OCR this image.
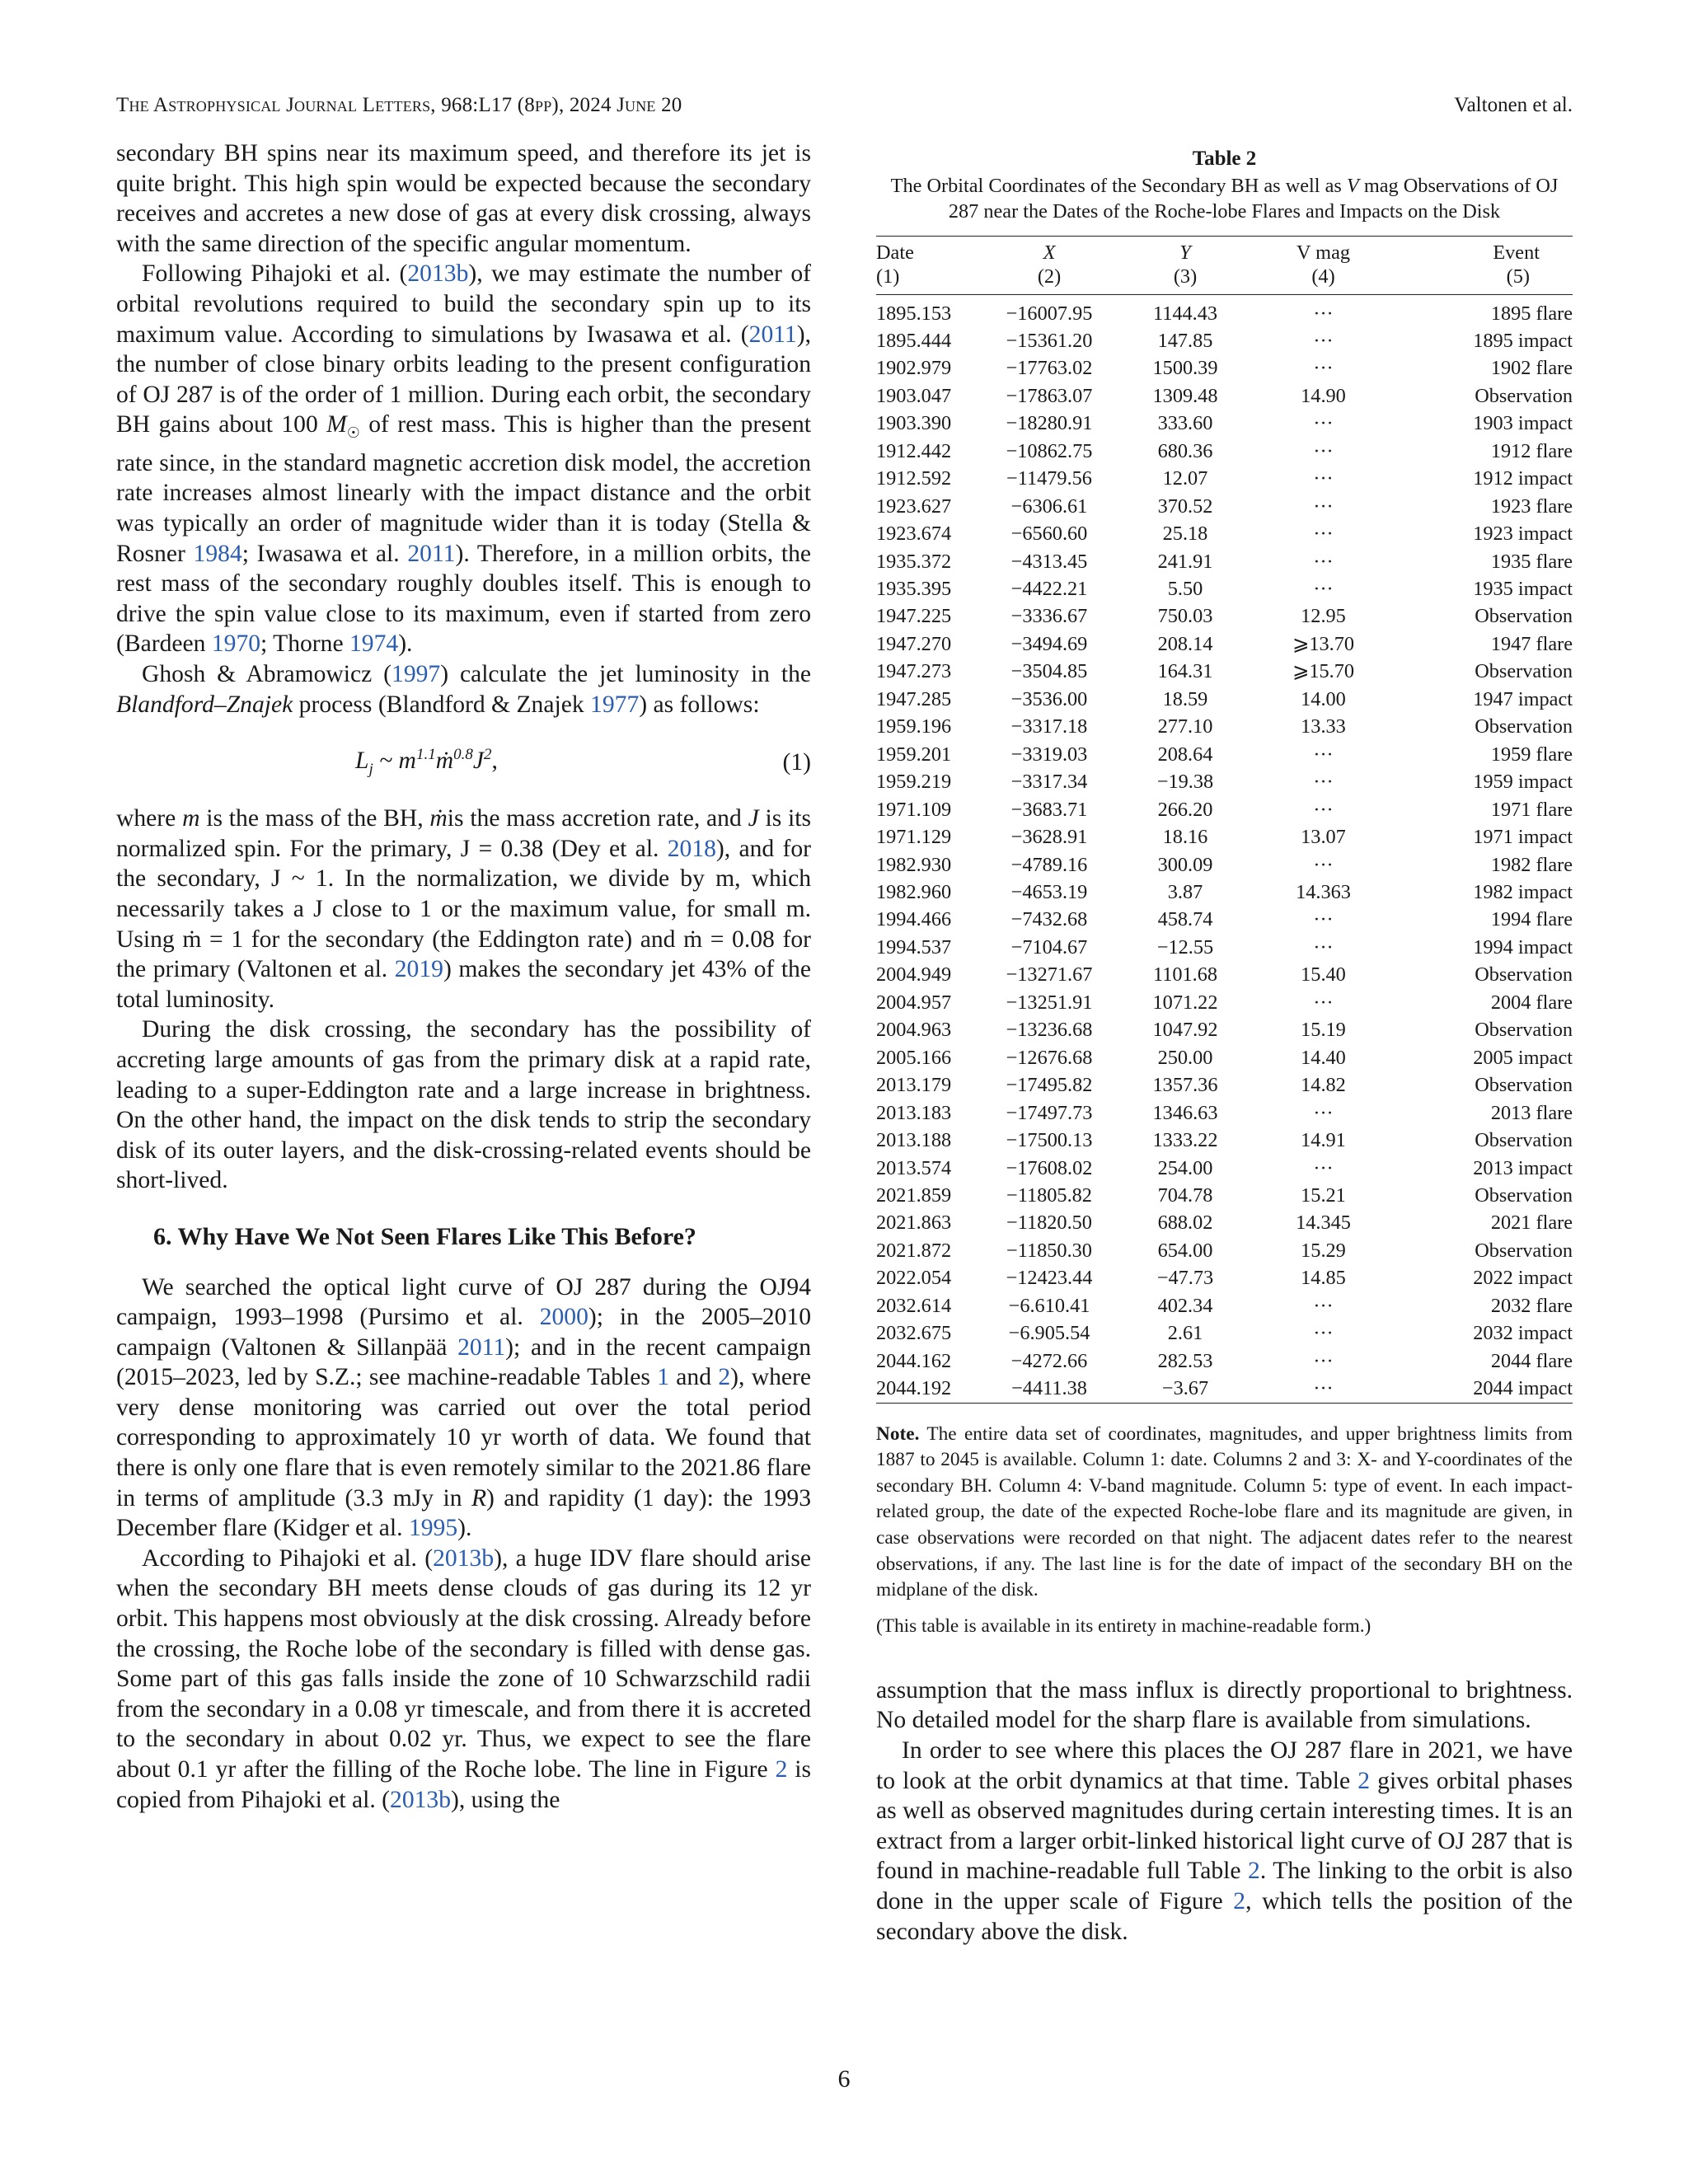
The Astrophysical Journal Letters, 968:L17 (8pp), 2024 June 20	Valtonen et al.

secondary BH spins near its maximum speed, and therefore its jet is quite bright. This high spin would be expected because the secondary receives and accretes a new dose of gas at every disk crossing, always with the same direction of the specific angular momentum.

Following Pihajoki et al. (2013b), we may estimate the number of orbital revolutions required to build the secondary spin up to its maximum value. According to simulations by Iwasawa et al. (2011), the number of close binary orbits leading to the present configuration of OJ 287 is of the order of 1 million. During each orbit, the secondary BH gains about 100 $M_☉$ of rest mass. This is higher than the present rate since, in the standard magnetic accretion disk model, the accretion rate increases almost linearly with the impact distance and the orbit was typically an order of magnitude wider than it is today (Stella & Rosner 1984; Iwasawa et al. 2011). Therefore, in a million orbits, the rest mass of the secondary roughly doubles itself. This is enough to drive the spin value close to its maximum, even if started from zero (Bardeen 1970; Thorne 1974).

Ghosh & Abramowicz (1997) calculate the jet luminosity in the Blandford–Znajek process (Blandford & Znajek 1977) as follows:

$L_j$ ~ $m^{1.1}ṁ^{0.8}J^2$,	(1)

where m is the mass of the BH, ṁis the mass accretion rate, and J is its normalized spin. For the primary, J = 0.38 (Dey et al. 2018), and for the secondary, J ~ 1. In the normalization, we divide by m, which necessarily takes a J close to 1 or the maximum value, for small m. Using ṁ = 1 for the secondary (the Eddington rate) and ṁ = 0.08 for the primary (Valtonen et al. 2019) makes the secondary jet 43% of the total luminosity.

During the disk crossing, the secondary has the possibility of accreting large amounts of gas from the primary disk at a rapid rate, leading to a super-Eddington rate and a large increase in brightness. On the other hand, the impact on the disk tends to strip the secondary disk of its outer layers, and the disk-crossing-related events should be short-lived.

6. Why Have We Not Seen Flares Like This Before?

We searched the optical light curve of OJ 287 during the OJ94 campaign, 1993–1998 (Pursimo et al. 2000); in the 2005–2010 campaign (Valtonen & Sillanpää 2011); and in the recent campaign (2015–2023, led by S.Z.; see machine-readable Tables 1 and 2), where very dense monitoring was carried out over the total period corresponding to approximately 10 yr worth of data. We found that there is only one flare that is even remotely similar to the 2021.86 flare in terms of amplitude (3.3 mJy in R) and rapidity (1 day): the 1993 December flare (Kidger et al. 1995).

According to Pihajoki et al. (2013b), a huge IDV flare should arise when the secondary BH meets dense clouds of gas during its 12 yr orbit. This happens most obviously at the disk crossing. Already before the crossing, the Roche lobe of the secondary is filled with dense gas. Some part of this gas falls inside the zone of 10 Schwarzschild radii from the secondary in a 0.08 yr timescale, and from there it is accreted to the secondary in about 0.02 yr. Thus, we expect to see the flare about 0.1 yr after the filling of the Roche lobe. The line in Figure 2 is copied from Pihajoki et al. (2013b), using the

Table 2
The Orbital Coordinates of the Secondary BH as well as V mag Observations of OJ 287 near the Dates of the Roche-lobe Flares and Impacts on the Disk
Date	X	Y	V mag	Event
(1)	(2)	(3)	(4)	(5)

1895.153	−16007.95	1144.43	···	1895 flare
1895.444	−15361.20	147.85	···	1895 impact
1902.979	−17763.02	1500.39	···	1902 flare
1903.047	−17863.07	1309.48	14.90	Observation
1903.390	−18280.91	333.60	···	1903 impact
1912.442	−10862.75	680.36	···	1912 flare
1912.592	−11479.56	12.07	···	1912 impact
1923.627	−6306.61	370.52	···	1923 flare
1923.674	−6560.60	25.18	···	1923 impact
1935.372	−4313.45	241.91	···	1935 flare
1935.395	−4422.21	5.50	···	1935 impact
1947.225	−3336.67	750.03	12.95	Observation
1947.270	−3494.69	208.14	⩾13.70	1947 flare
1947.273	−3504.85	164.31	⩾15.70	Observation
1947.285	−3536.00	18.59	14.00	1947 impact
1959.196	−3317.18	277.10	13.33	Observation
1959.201	−3319.03	208.64	···	1959 flare
1959.219	−3317.34	−19.38	···	1959 impact
1971.109	−3683.71	266.20	···	1971 flare
1971.129	−3628.91	18.16	13.07	1971 impact
1982.930	−4789.16	300.09	···	1982 flare
1982.960	−4653.19	3.87	14.363	1982 impact
1994.466	−7432.68	458.74	···	1994 flare
1994.537	−7104.67	−12.55	···	1994 impact
2004.949	−13271.67	1101.68	15.40	Observation
2004.957	−13251.91	1071.22	···	2004 flare
2004.963	−13236.68	1047.92	15.19	Observation
2005.166	−12676.68	250.00	14.40	2005 impact
2013.179	−17495.82	1357.36	14.82	Observation
2013.183	−17497.73	1346.63	···	2013 flare
2013.188	−17500.13	1333.22	14.91	Observation
2013.574	−17608.02	254.00	···	2013 impact
2021.859	−11805.82	704.78	15.21	Observation
2021.863	−11820.50	688.02	14.345	2021 flare
2021.872	−11850.30	654.00	15.29	Observation
2022.054	−12423.44	−47.73	14.85	2022 impact
2032.614	−6.610.41	402.34	···	2032 flare
2032.675	−6.905.54	2.61	···	2032 impact
2044.162	−4272.66	282.53	···	2044 flare
2044.192	−4411.38	−3.67	···	2044 impact
Note. The entire data set of coordinates, magnitudes, and upper brightness limits from 1887 to 2045 is available. Column 1: date. Columns 2 and 3: X- and Y-coordinates of the secondary BH. Column 4: V-band magnitude. Column 5: type of event. In each impact-related group, the date of the expected Roche-lobe flare and its magnitude are given, in case observations were recorded on that night. The adjacent dates refer to the nearest observations, if any. The last line is for the date of impact of the secondary BH on the midplane of the disk.
(This table is available in its entirety in machine-readable form.)

assumption that the mass influx is directly proportional to brightness. No detailed model for the sharp flare is available from simulations.

In order to see where this places the OJ 287 flare in 2021, we have to look at the orbit dynamics at that time. Table 2 gives orbital phases as well as observed magnitudes during certain interesting times. It is an extract from a larger orbit-linked historical light curve of OJ 287 that is found in machine-readable full Table 2. The linking to the orbit is also done in the upper scale of Figure 2, which tells the position of the secondary above the disk.

6
